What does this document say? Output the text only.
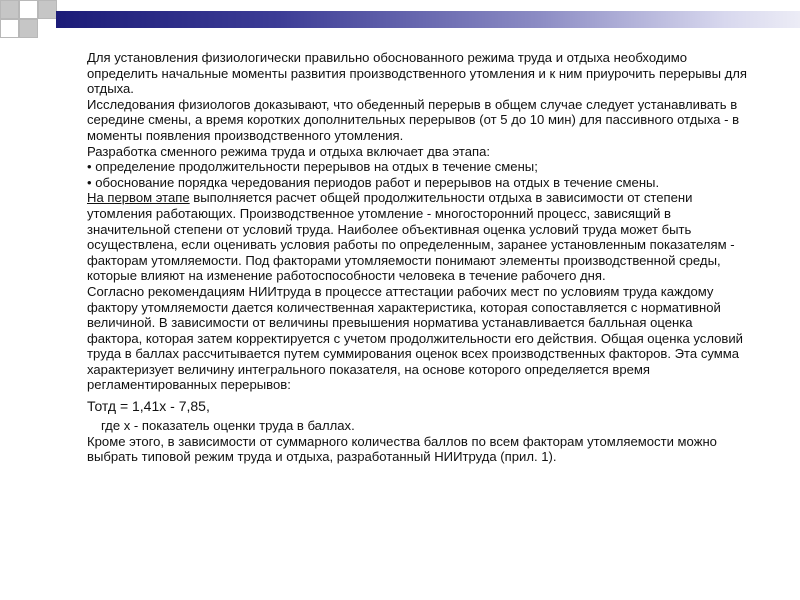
Для установления физиологически правильно обоснованного режима труда и отдыха необходимо определить начальные моменты развития производственного утомления и к ним приурочить перерывы для отдыха.

Исследования физиологов доказывают, что обеденный перерыв в общем случае следует устанавливать в середине смены, а время коротких дополнительных перерывов (от 5 до 10 мин) для пассивного отдыха - в моменты появления производственного утомления.

Разработка сменного режима труда и отдыха включает два этапа:

• определение продолжительности перерывов на отдых в течение смены;

• обоснование порядка чередования периодов работ и перерывов на отдых в течение смены.

На первом этапе выполняется расчет общей продолжительности отдыха в зависимости от степени утомления работающих. Производственное утомление - многосторонний процесс, зависящий в значительной степени от условий труда. Наиболее объективная оценка условий труда может быть осуществлена, если оценивать условия работы по определенным, заранее установленным показателям - факторам утомляемости. Под факторами утомляемости понимают элементы производственной среды, которые влияют на изменение работоспособности человека в течение рабочего дня.

Согласно рекомендациям НИИтруда в процессе аттестации рабочих мест по условиям труда каждому фактору утомляемости дается количественная характеристика, которая сопоставляется с нормативной величиной. В зависимости от величины превышения норматива устанавливается балльная оценка фактора, которая затем корректируется с учетом продолжительности его действия. Общая оценка условий труда в баллах рассчитывается путем суммирования оценок всех производственных факторов. Эта сумма характеризует величину интегрального показателя, на основе которого определяется время регламентированных перерывов:

Тотд = 1,41х - 7,85,

где х - показатель оценки труда в баллах.

Кроме этого, в зависимости от суммарного количества баллов по всем факторам утомляемости можно выбрать типовой режим труда и отдыха, разработанный НИИтруда (прил. 1).
